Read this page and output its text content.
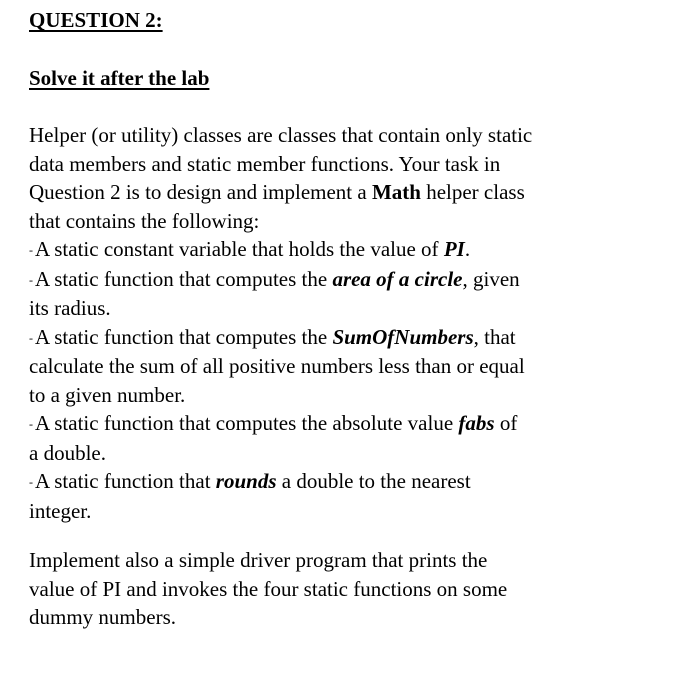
QUESTION 2:
Solve it after the lab
Helper (or utility) classes are classes that contain only static
data members and static member functions. Your task in
Question 2 is to design and implement a Math helper class
that contains the following:
-A static constant variable that holds the value of PI.
-A static function that computes the area of a circle, given
its radius.
-A static function that computes the SumOfNumbers, that
calculate the sum of all positive numbers less than or equal
to a given number.
-A static function that computes the absolute value fabs of
a double.
-A static function that rounds a double to the nearest
integer.
Implement also a simple driver program that prints the
value of PI and invokes the four static functions on some
dummy numbers.
